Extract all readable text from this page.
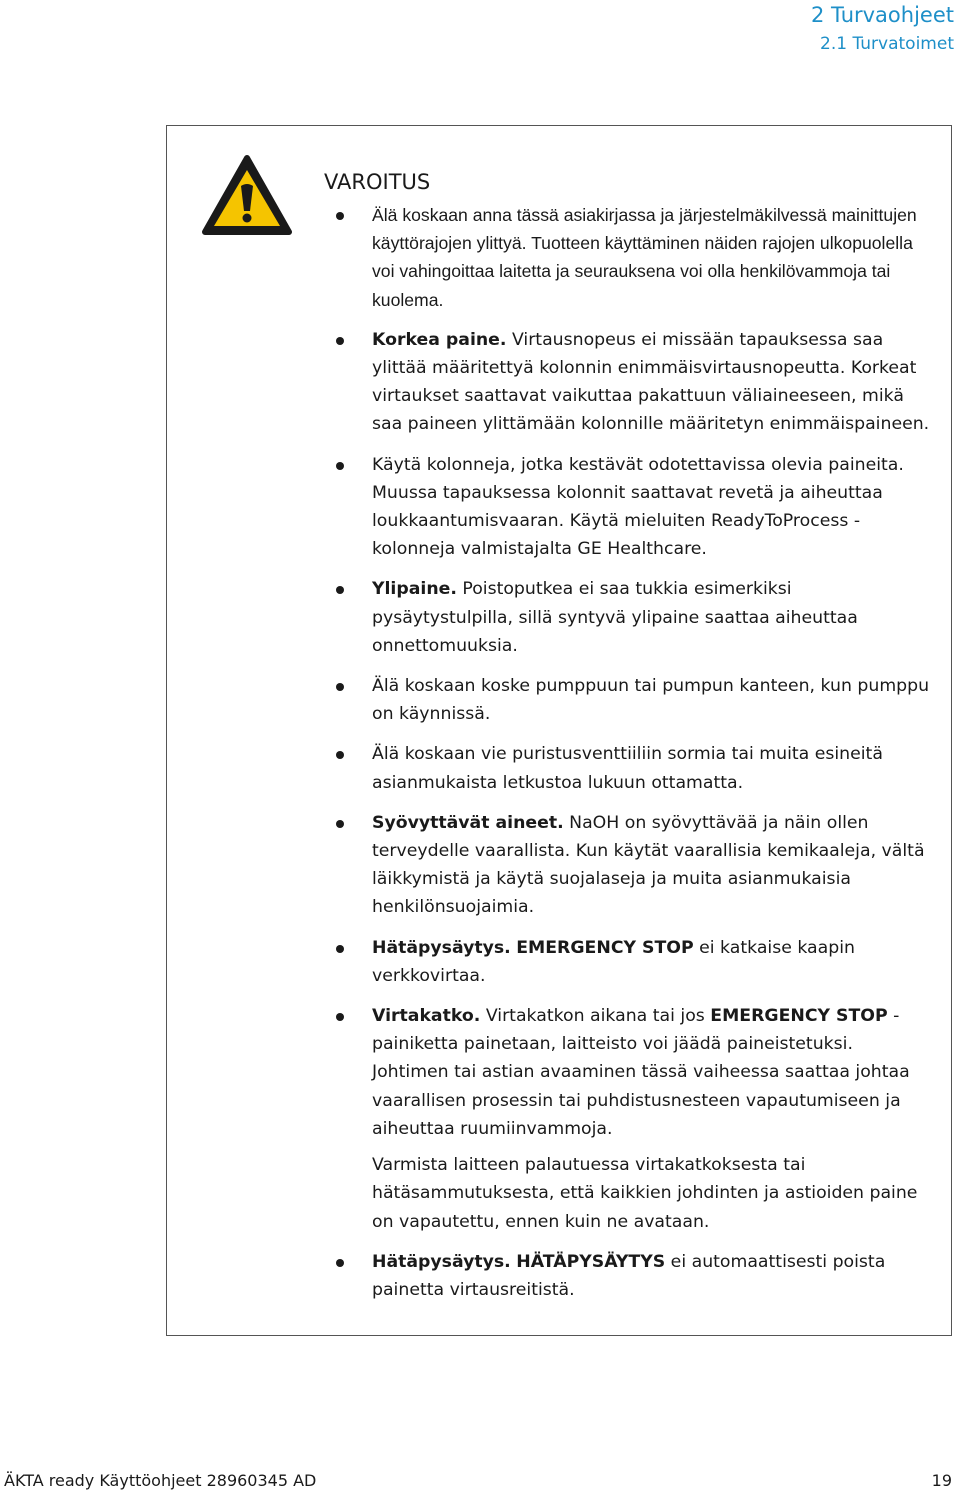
2 Turvaohjeet
2.1 Turvatoimet
VAROITUS
Älä koskaan anna tässä asiakirjassa ja järjestelmäkilvessä mainittujen käyttörajojen ylittyä. Tuotteen käyttäminen näiden rajojen ulkopuolella voi vahingoittaa laitetta ja seurauksena voi olla henkilövammoja tai kuolema.
Korkea paine. Virtausnopeus ei missään tapauksessa saa ylittää määritettyä kolonnin enimmäisvirtausnopeutta. Korkeat virtaukset saattavat vaikuttaa pakattuun väliaineeseen, mikä saa paineen ylittämään kolonnille määritetyn enimmäispaineen.
Käytä kolonneja, jotka kestävät odotettavissa olevia paineita. Muussa tapauksessa kolonnit saattavat revetä ja aiheuttaa loukkaantumisvaaran. Käytä mieluiten ReadyToProcess -kolonneja valmistajalta GE Healthcare.
Ylipaine. Poistoputkea ei saa tukkia esimerkiksi pysäytystulpilla, sillä syntyvä ylipaine saattaa aiheuttaa onnettomuuksia.
Älä koskaan koske pumppuun tai pumpun kanteen, kun pumppu on käynnissä.
Älä koskaan vie puristusventtiiliin sormia tai muita esineitä asianmukaista letkustoa lukuun ottamatta.
Syövyttävät aineet. NaOH on syövyttävää ja näin ollen terveydelle vaarallista. Kun käytät vaarallisia kemikaaleja, vältä läikkymistä ja käytä suojalaseja ja muita asianmukaisia henkilönsuojaimia.
Hätäpysäytys. EMERGENCY STOP ei katkaise kaapin verkkovirtaa.

Virtakatko. Virtakatkon aikana tai jos EMERGENCY STOP -painiketta painetaan, laitteisto voi jäädä paineistetuksi. Johtimen tai astian avaaminen tässä vaiheessa saattaa johtaa vaarallisen prosessin tai puhdistusnesteen vapautumiseen ja aiheuttaa ruumiinvammoja.

Varmista laitteen palautuessa virtakatkoksesta tai hätäsammutuksesta, että kaikkien johdinten ja astioiden paine on vapautettu, ennen kuin ne avataan.

Hätäpysäytys. HÄTÄPYSÄYTYS ei automaattisesti poista painetta virtausreitistä.
ÄKTA ready Käyttöohjeet 28960345 AD	19
